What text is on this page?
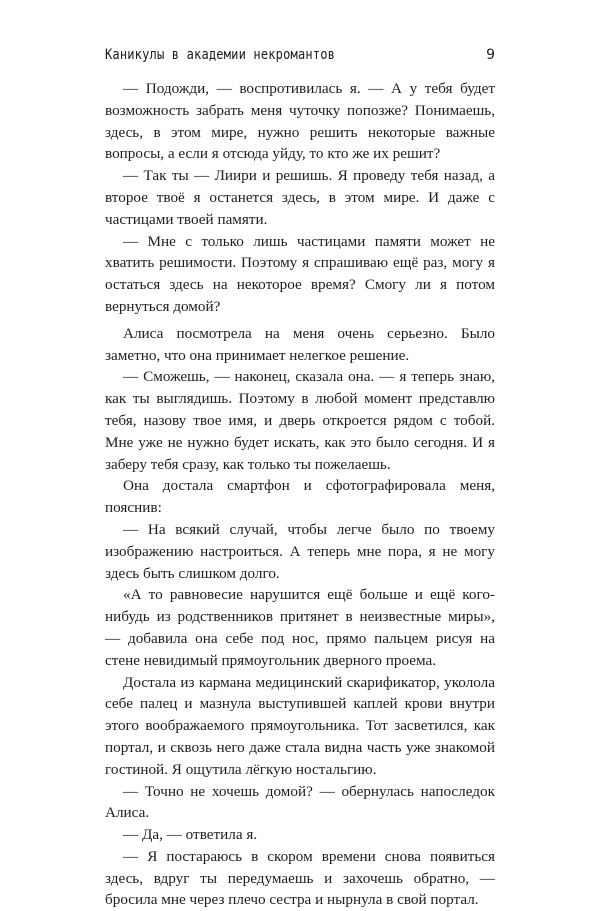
Каникулы в академии некромантов	9

— Подожди, — воспротивилась я. — А у тебя будет возможность забрать меня чуточку попозже? Понимаешь, здесь, в этом мире, нужно решить некоторые важные вопросы, а если я отсюда уйду, то кто же их решит?

— Так ты — Лиири и решишь. Я проведу тебя назад, а второе твоё я останется здесь, в этом мире. И даже с частицами твоей памяти.

— Мне с только лишь частицами памяти может не хватить решимости. Поэтому я спрашиваю ещё раз, могу я остаться здесь на некоторое время? Смогу ли я потом вернуться домой?

Алиса посмотрела на меня очень серьезно. Было заметно, что она принимает нелегкое решение.

— Сможешь, — наконец, сказала она. — я теперь знаю, как ты выглядишь. Поэтому в любой момент представлю тебя, назову твое имя, и дверь откроется рядом с тобой. Мне уже не нужно будет искать, как это было сегодня. И я заберу тебя сразу, как только ты пожелаешь.

Она достала смартфон и сфотографировала меня, пояснив:

— На всякий случай, чтобы легче было по твоему изображению настроиться. А теперь мне пора, я не могу здесь быть слишком долго.

«А то равновесие нарушится ещё больше и ещё кого-нибудь из родственников притянет в неизвестные миры», — добавила она себе под нос, прямо пальцем рисуя на стене невидимый прямоугольник дверного проема.

Достала из кармана медицинский скарификатор, уколола себе палец и мазнула выступившей каплей крови внутри этого воображаемого прямоугольника. Тот засветился, как портал, и сквозь него даже стала видна часть уже знакомой гостиной. Я ощутила лёгкую ностальгию.

— Точно не хочешь домой? — обернулась напоследок Алиса.

— Да, — ответила я.

— Я постараюсь в скором времени снова появиться здесь, вдруг ты передумаешь и захочешь обратно, — бросила мне через плечо сестра и нырнула в свой портал.
